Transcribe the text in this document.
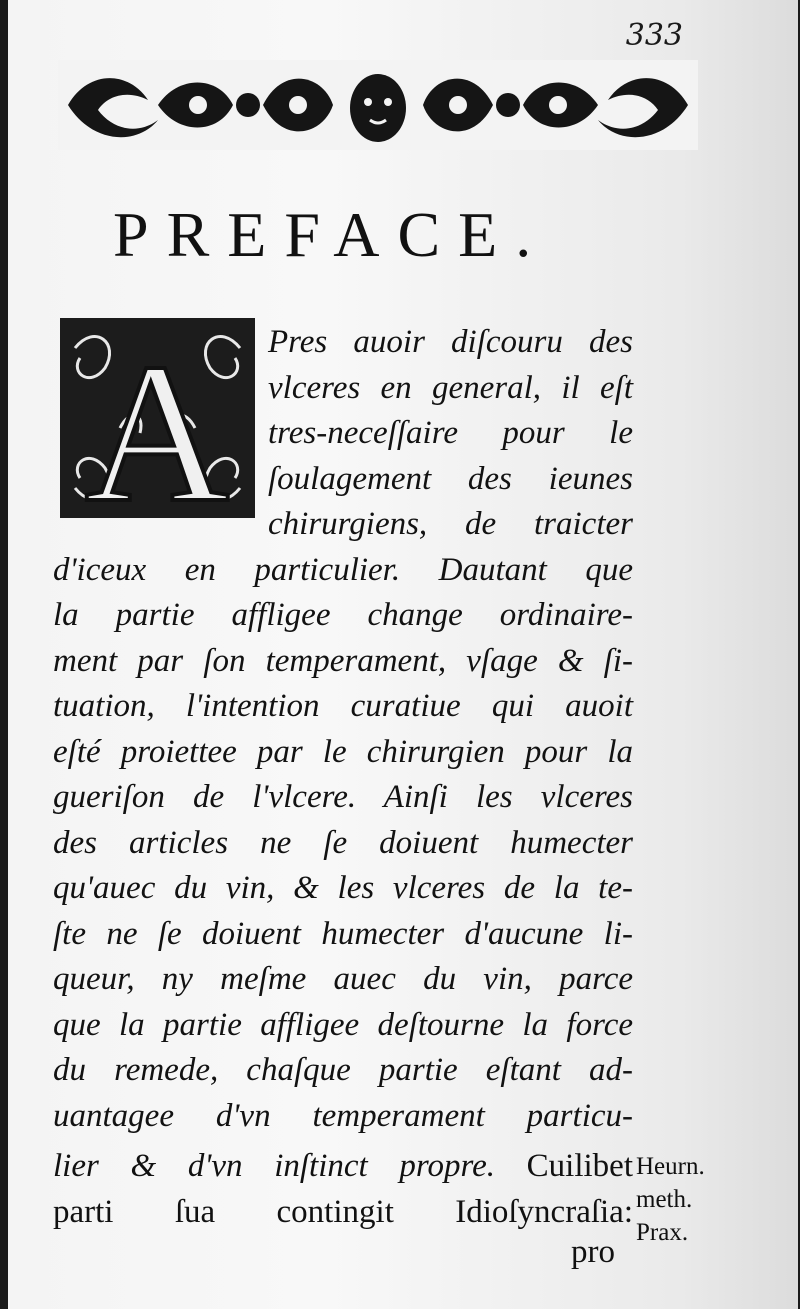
333

PREFACE.
A	Pres auoir diſcouru des
vlceres en general, il eſt
tres-neceſſaire pour le
ſoulagement des ieunes
chirurgiens, de traicter
d'iceux en particulier. Dautant que
la partie affligee change ordinaire-
ment par ſon temperament, vſage & ſi-
tuation, l'intention curatiue qui auoit
eſté proiettee par le chirurgien pour la
gueriſon de l'vlcere. Ainſi les vlceres
des articles ne ſe doiuent humecter
qu'auec du vin, & les vlceres de la te-
ſte ne ſe doiuent humecter d'aucune li-
queur, ny meſme auec du vin, parce
que la partie affligee deſtourne la force
du remede, chaſque partie eſtant ad-
uantagee d'vn temperament particu-
lier & d'vn inſtinct propre. Cuilibet
parti ſua contingit Idioſyncraſia:
pro
Heurn.
meth.
Prax.
